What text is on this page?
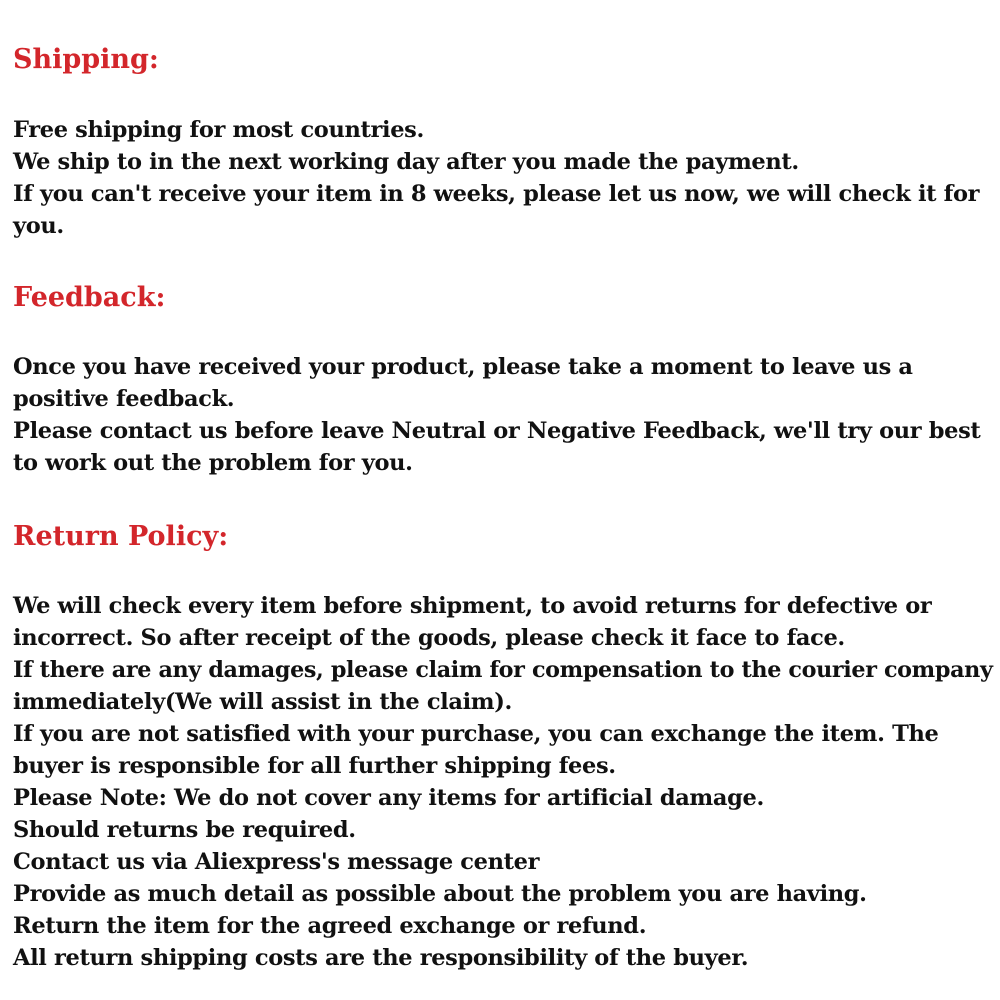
Shipping:
Free shipping for most countries.
We ship to in the next working day after you made the payment.
If you can't receive your item in 8 weeks, please let us now, we will check it for
you.
Feedback:
Once you have received your product, please take a moment to leave us a
positive feedback.
Please contact us before leave Neutral or Negative Feedback, we'll try our best
to work out the problem for you.
Return Policy:
We will check every item before shipment, to avoid returns for defective or
incorrect. So after receipt of the goods, please check it face to face.
If there are any damages, please claim for compensation to the courier company
immediately(We will assist in the claim).
If you are not satisfied with your purchase, you can exchange the item. The
buyer is responsible for all further shipping fees.
Please Note: We do not cover any items for artificial damage.
Should returns be required.
Contact us via Aliexpress's message center
Provide as much detail as possible about the problem you are having.
Return the item for the agreed exchange or refund.
All return shipping costs are the responsibility of the buyer.
